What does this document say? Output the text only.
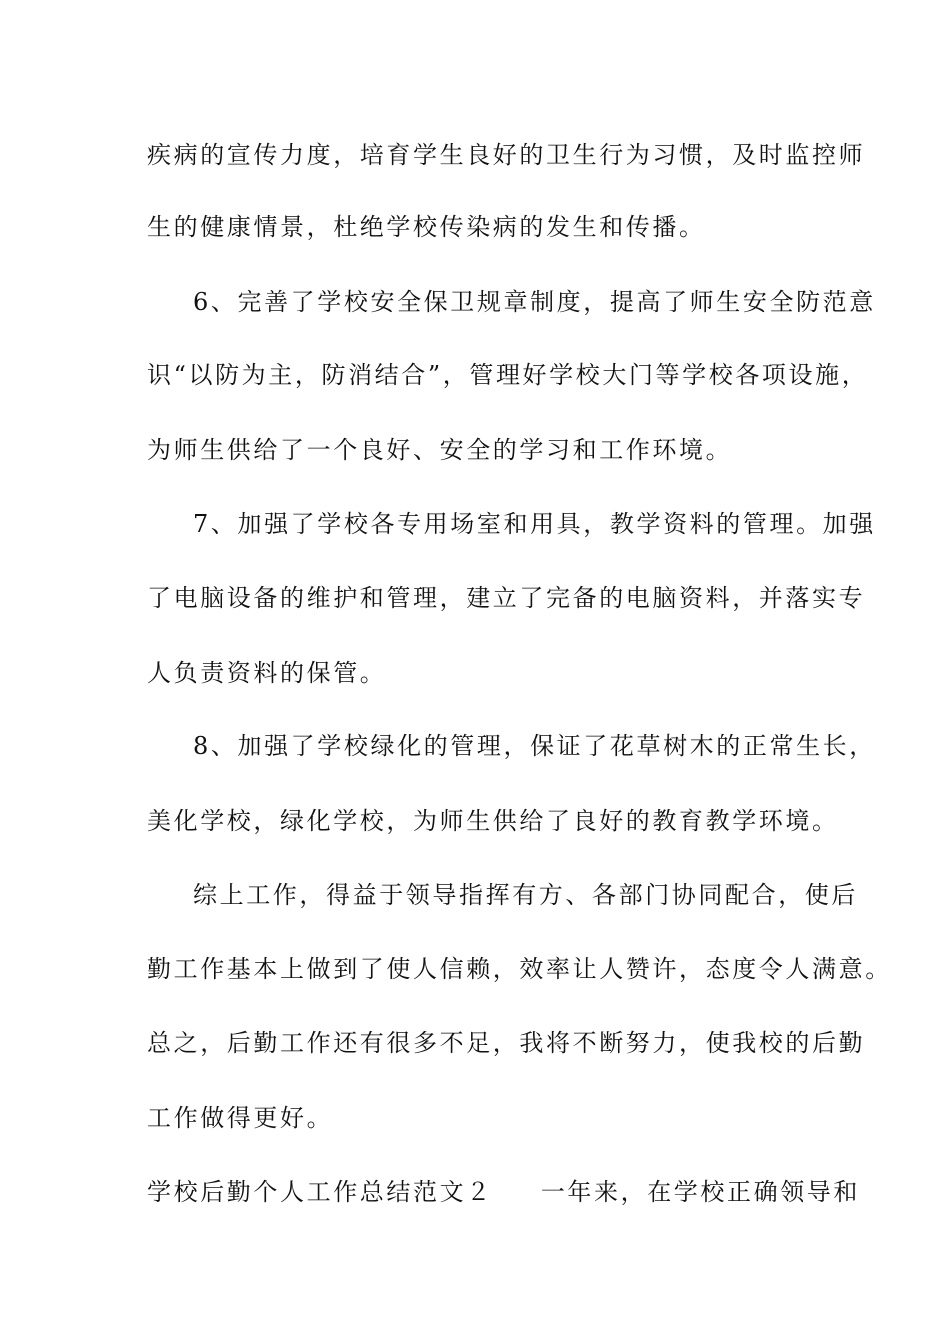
疾病的宣传力度，培育学生良好的卫生行为习惯，及时监控师
生的健康情景，杜绝学校传染病的发生和传播。
6、完善了学校安全保卫规章制度，提高了师生安全防范意
识“以防为主，防消结合”，管理好学校大门等学校各项设施，
为师生供给了一个良好、安全的学习和工作环境。
7、加强了学校各专用场室和用具，教学资料的管理。加强
了电脑设备的维护和管理，建立了完备的电脑资料，并落实专
人负责资料的保管。
8、加强了学校绿化的管理，保证了花草树木的正常生长，
美化学校，绿化学校，为师生供给了良好的教育教学环境。
综上工作，得益于领导指挥有方、各部门协同配合，使后
勤工作基本上做到了使人信赖，效率让人赞许，态度令人满意。
总之，后勤工作还有很多不足，我将不断努力，使我校的后勤
工作做得更好。
学校后勤个人工作总结范文２ 一年来，在学校正确领导和
